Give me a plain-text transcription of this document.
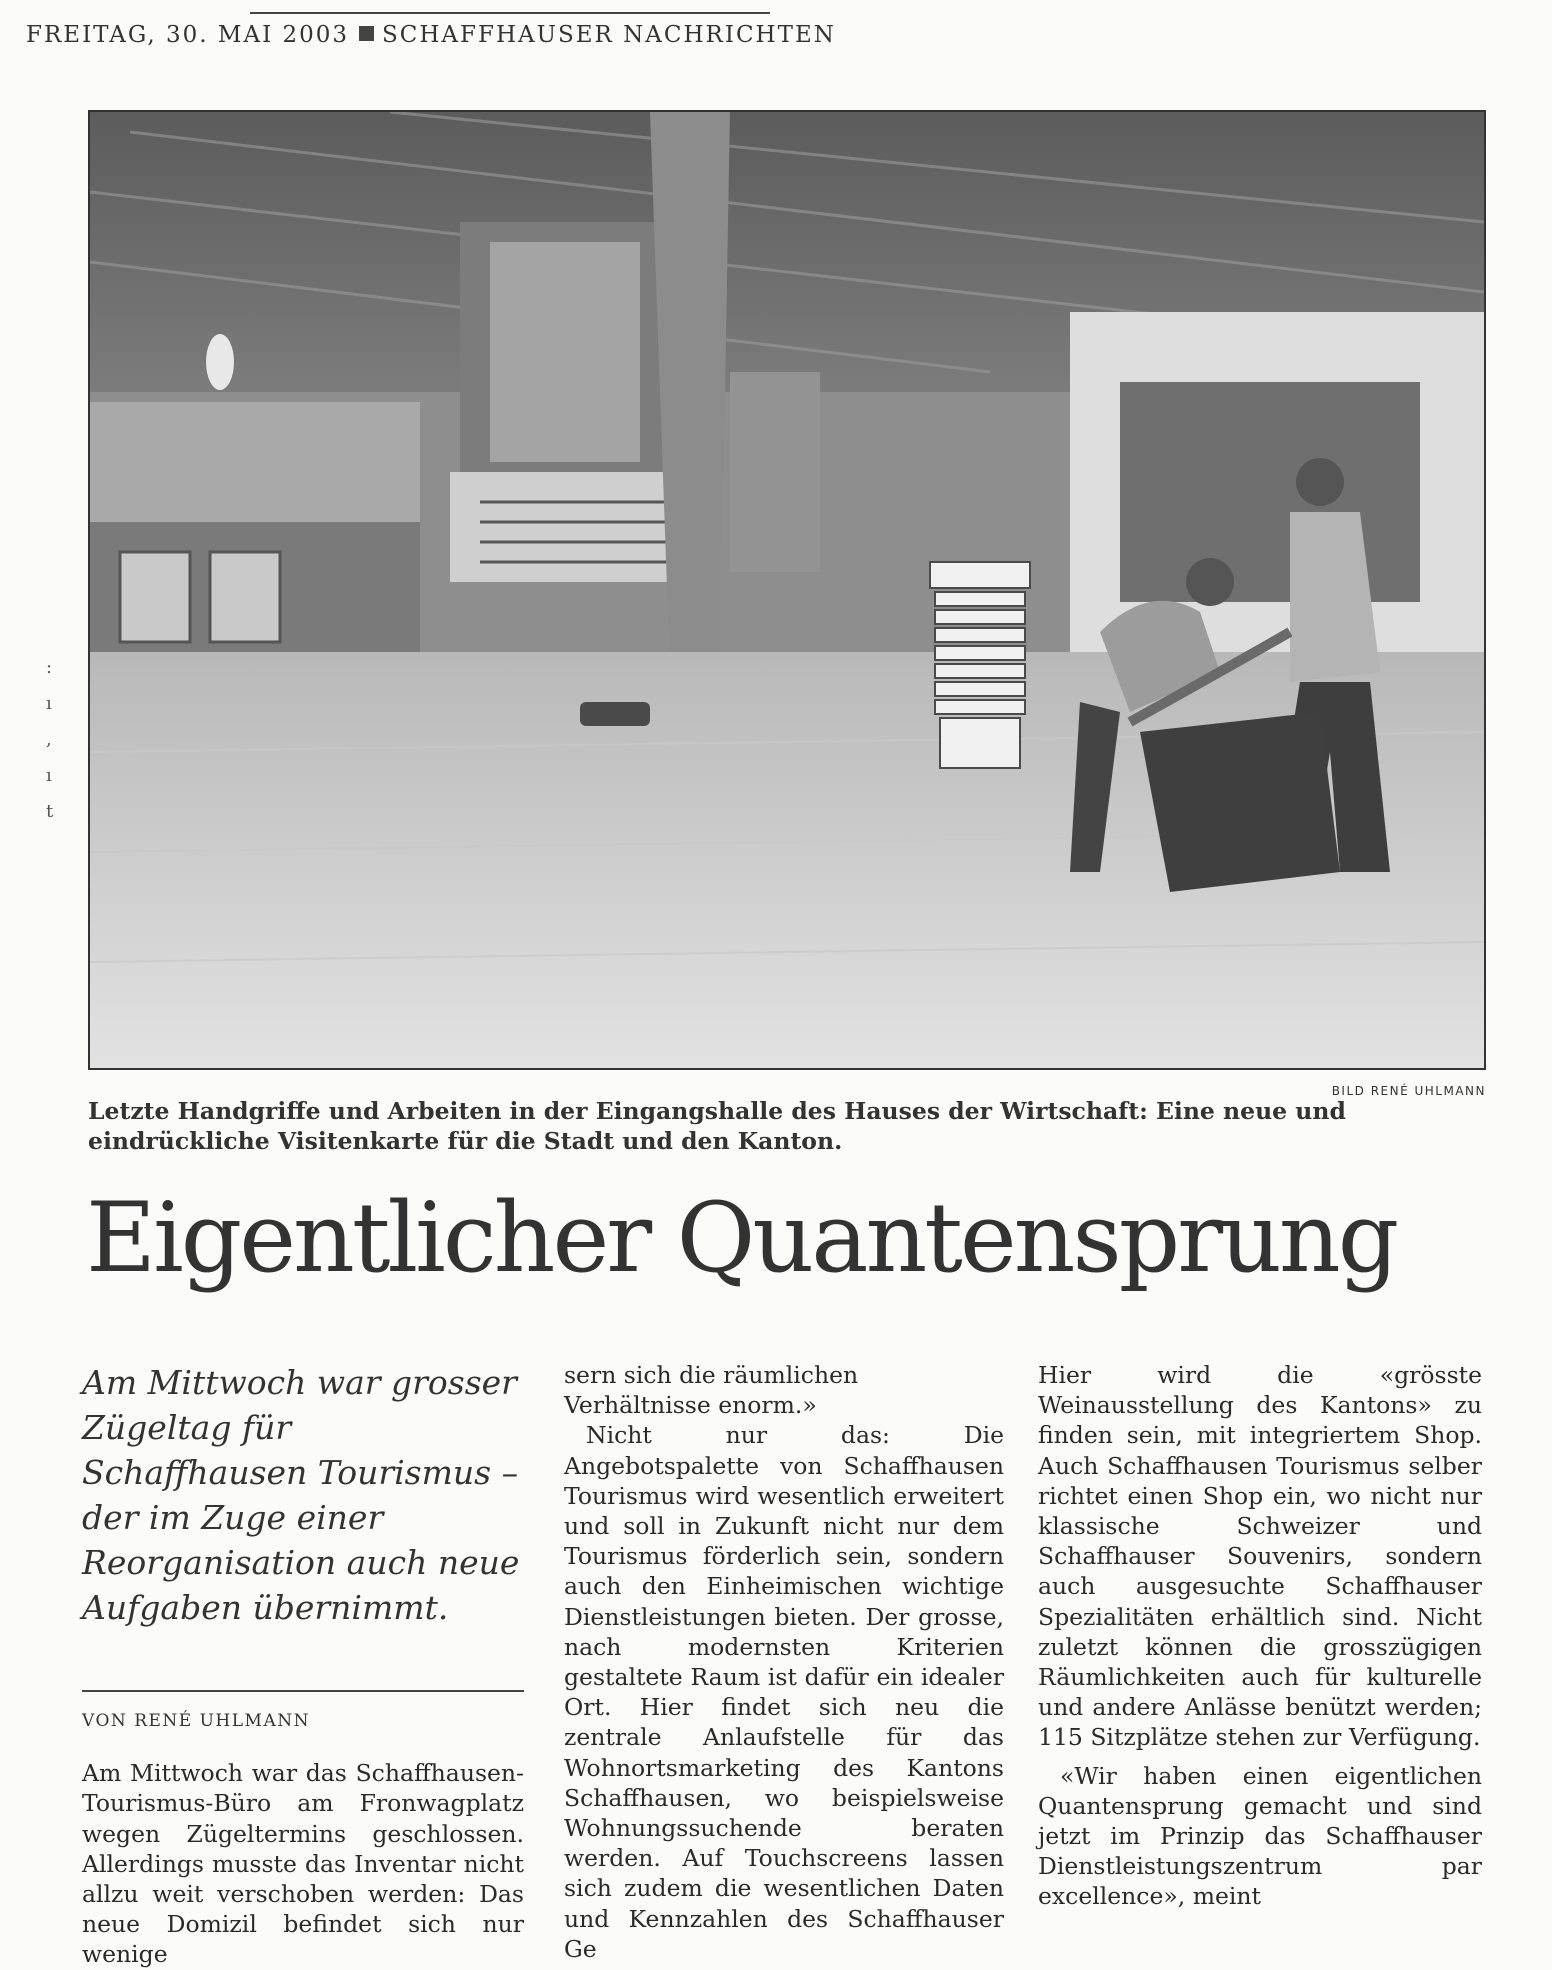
FREITAG, 30. MAI 2003 SCHAFFHAUSER NACHRICHTEN
:
ı
,
ı
t
BILD RENÉ UHLMANN
Letzte Handgriffe und Arbeiten in der Eingangshalle des Hauses der Wirtschaft: Eine neue und eindrückliche Visitenkarte für die Stadt und den Kanton.
Eigentlicher Quantensprung

Am Mittwoch war grosser Zügeltag für Schaffhausen Tourismus – der im Zuge einer Reorganisation auch neue Aufgaben übernimmt.

VON RENÉ UHLMANN

Am Mittwoch war das Schaffhausen-Tourismus-Büro am Fronwagplatz wegen Zügeltermins geschlossen. Allerdings musste das Inventar nicht allzu weit verschoben werden: Das neue Domizil befindet sich nur wenige

sern sich die räumlichen Verhältnisse enorm.»

Nicht nur das: Die Angebotspalette von Schaffhausen Tourismus wird wesentlich erweitert und soll in Zukunft nicht nur dem Tourismus förderlich sein, sondern auch den Einheimischen wichtige Dienstleistungen bieten. Der grosse, nach modernsten Kriterien gestaltete Raum ist dafür ein idealer Ort. Hier findet sich neu die zentrale Anlaufstelle für das Wohnortsmarketing des Kantons Schaffhausen, wo beispielsweise Wohnungssuchende beraten werden. Auf Touchscreens lassen sich zudem die wesentlichen Daten und Kennzahlen des Schaffhauser Ge

Hier wird die «grösste Weinausstellung des Kantons» zu finden sein, mit integriertem Shop. Auch Schaffhausen Tourismus selber richtet einen Shop ein, wo nicht nur klassische Schweizer und Schaffhauser Souvenirs, sondern auch ausgesuchte Schaffhauser Spezialitäten erhältlich sind. Nicht zuletzt können die grosszügigen Räumlichkeiten auch für kulturelle und andere Anlässe benützt werden; 115 Sitzplätze stehen zur Verfügung.

«Wir haben einen eigentlichen Quantensprung gemacht und sind jetzt im Prinzip das Schaffhauser Dienstleistungszentrum par excellence», meint
